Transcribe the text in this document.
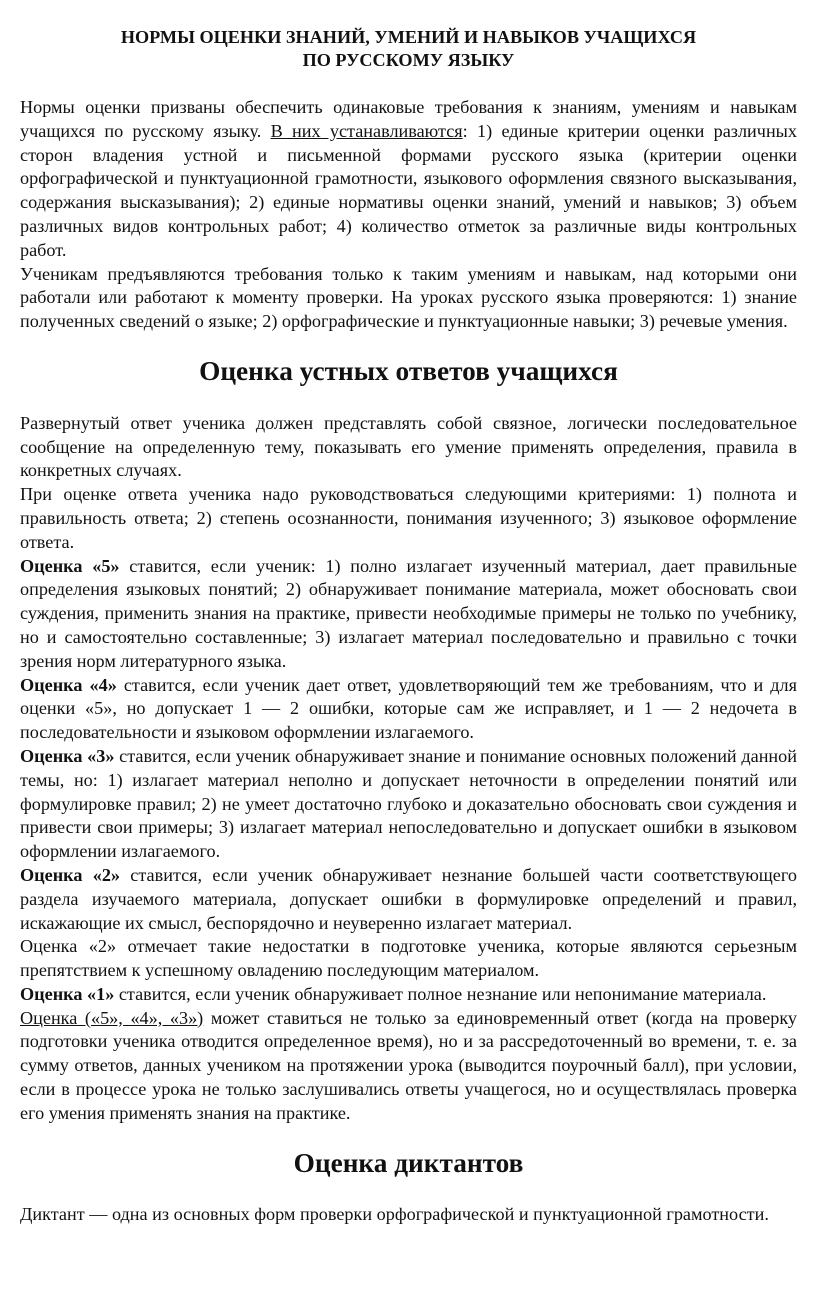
НОРМЫ ОЦЕНКИ ЗНАНИЙ, УМЕНИЙ И НАВЫКОВ УЧАЩИХСЯ
ПО РУССКОМУ ЯЗЫКУ

Нормы оценки призваны обеспечить одинаковые требования к знаниям, умениям и навыкам учащихся по русскому языку. В них устанавливаются: 1) единые критерии оценки различных сторон владения устной и письменной формами русского языка (критерии оценки орфографической и пунктуационной грамотности, языкового оформления связного высказывания, содержания высказывания); 2) единые нормативы оценки знаний, умений и навыков; 3) объем различных видов контрольных работ; 4) количество отметок за различные виды контрольных работ.

Ученикам предъявляются требования только к таким умениям и навыкам, над которыми они работали или работают к моменту проверки. На уроках русского языка проверяются: 1) знание полученных сведений о языке; 2) орфографические и пунктуационные навыки; 3) речевые умения.

Оценка устных ответов учащихся

Развернутый ответ ученика должен представлять собой связное, логически последовательное сообщение на определенную тему, показывать его умение применять определения, правила в конкретных случаях.

При оценке ответа ученика надо руководствоваться следующими критериями: 1) полнота и правильность ответа; 2) степень осознанности, понимания изученного; 3) языковое оформление ответа.

Оценка «5» ставится, если ученик: 1) полно излагает изученный материал, дает правильные определения языковых понятий; 2) обнаруживает понимание материала, может обосновать свои суждения, применить знания на практике, привести необходимые примеры не только по учебнику, но и самостоятельно составленные; 3) излагает материал последовательно и правильно с точки зрения норм литературного языка.

Оценка «4» ставится, если ученик дает ответ, удовлетворяющий тем же требованиям, что и для оценки «5», но допускает 1 — 2 ошибки, которые сам же исправляет, и 1 — 2 недочета в последовательности и языковом оформлении излагаемого.

Оценка «3» ставится, если ученик обнаруживает знание и понимание основных положений данной темы, но: 1) излагает материал неполно и допускает неточности в определении понятий или формулировке правил; 2) не умеет достаточно глубоко и доказательно обосновать свои суждения и привести свои примеры; 3) излагает материал непоследовательно и допускает ошибки в языковом оформлении излагаемого.

Оценка «2» ставится, если ученик обнаруживает незнание большей части соответствующего раздела изучаемого материала, допускает ошибки в формулировке определений и правил, искажающие их смысл, беспорядочно и неуверенно излагает материал.

Оценка «2» отмечает такие недостатки в подготовке ученика, которые являются серьезным препятствием к успешному овладению последующим материалом.

Оценка «1» ставится, если ученик обнаруживает полное незнание или непонимание материала.

Оценка («5», «4», «3») может ставиться не только за единовременный ответ (когда на проверку подготовки ученика отводится определенное время), но и за рассредоточенный во времени, т. е. за сумму ответов, данных учеником на протяжении урока (выводится поурочный балл), при условии, если в процессе урока не только заслушивались ответы учащегося, но и осуществлялась проверка его умения применять знания на практике.

Оценка диктантов

Диктант — одна из основных форм проверки орфографической и пунктуационной грамотности.
